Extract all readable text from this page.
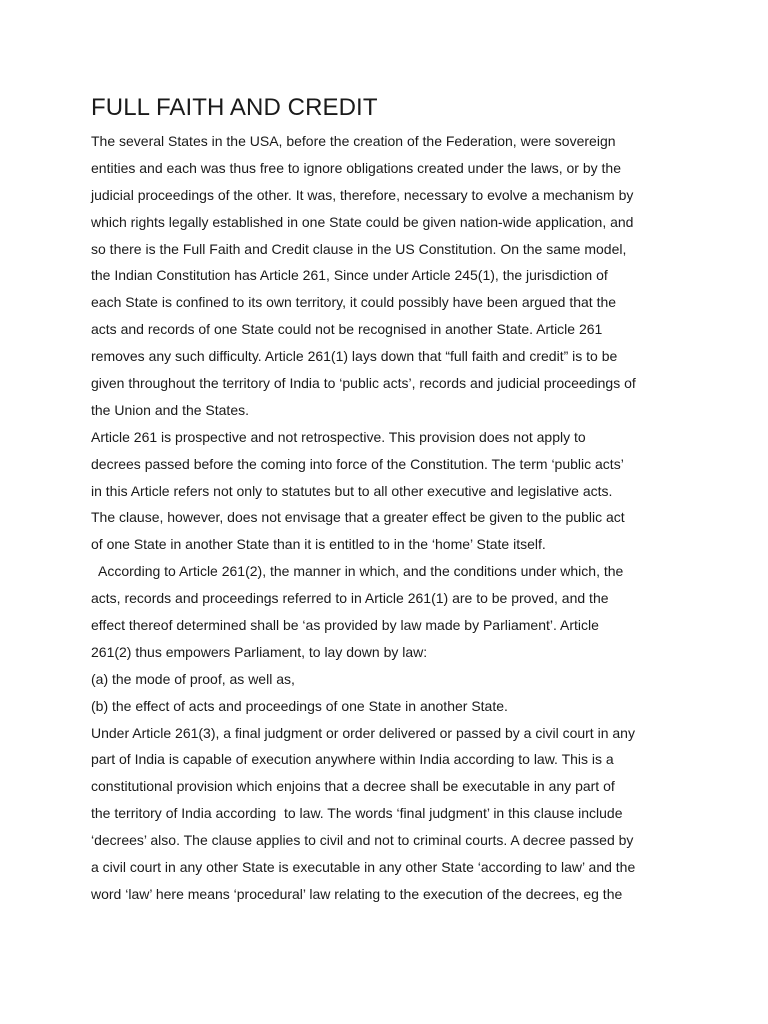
FULL FAITH AND CREDIT
The several States in the USA, before the creation of the Federation, were sovereign
entities and each was thus free to ignore obligations created under the laws, or by the
judicial proceedings of the other. It was, therefore, necessary to evolve a mechanism by
which rights legally established in one State could be given nation-wide application, and
so there is the Full Faith and Credit clause in the US Constitution. On the same model,
the Indian Constitution has Article 261, Since under Article 245(1), the jurisdiction of
each State is confined to its own territory, it could possibly have been argued that the
acts and records of one State could not be recognised in another State. Article 261
removes any such difficulty. Article 261(1) lays down that “full faith and credit” is to be
given throughout the territory of India to ‘public acts’, records and judicial proceedings of
the Union and the States.
Article 261 is prospective and not retrospective. This provision does not apply to
decrees passed before the coming into force of the Constitution. The term ‘public acts’
in this Article refers not only to statutes but to all other executive and legislative acts.
The clause, however, does not envisage that a greater effect be given to the public act
of one State in another State than it is entitled to in the ‘home’ State itself.
According to Article 261(2), the manner in which, and the conditions under which, the
acts, records and proceedings referred to in Article 261(1) are to be proved, and the
effect thereof determined shall be ‘as provided by law made by Parliament’. Article
261(2) thus empowers Parliament, to lay down by law:
(a) the mode of proof, as well as,
(b) the effect of acts and proceedings of one State in another State.
Under Article 261(3), a final judgment or order delivered or passed by a civil court in any
part of India is capable of execution anywhere within India according to law. This is a
constitutional provision which enjoins that a decree shall be executable in any part of
the territory of India according  to law. The words ‘final judgment’ in this clause include
‘decrees’ also. The clause applies to civil and not to criminal courts. A decree passed by
a civil court in any other State is executable in any other State ‘according to law’ and the
word ‘law’ here means ‘procedural’ law relating to the execution of the decrees, eg the
